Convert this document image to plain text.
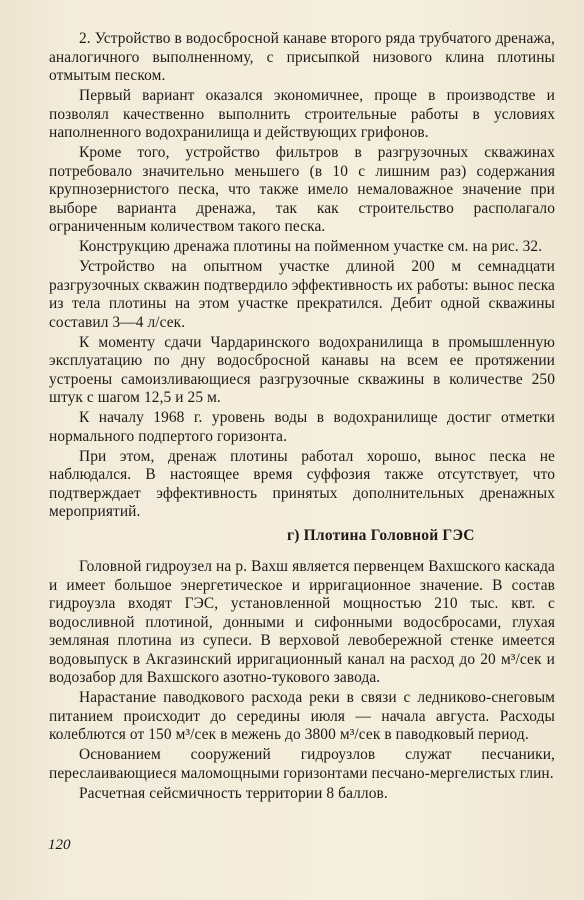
2. Устройство в водосбросной канаве второго ряда трубчатого дренажа, аналогичного выполненному, с присыпкой низового клина плотины отмытым песком.

Первый вариант оказался экономичнее, проще в производстве и позволял качественно выполнить строительные работы в условиях наполненного водохранилища и действующих грифонов.

Кроме того, устройство фильтров в разгрузочных скважинах потребовало значительно меньшего (в 10 с лишним раз) содержания крупнозернистого песка, что также имело немаловажное значение при выборе варианта дренажа, так как строительство располагало ограниченным количеством такого песка.

Конструкцию дренажа плотины на пойменном участке см. на рис. 32.

Устройство на опытном участке длиной 200 м семнадцати разгрузочных скважин подтвердило эффективность их работы: вынос песка из тела плотины на этом участке прекратился. Дебит одной скважины составил 3—4 л/сек.

К моменту сдачи Чардаринского водохранилища в промышленную эксплуатацию по дну водосбросной канавы на всем ее протяжении устроены самоизливающиеся разгрузочные скважины в количестве 250 штук с шагом 12,5 и 25 м.

К началу 1968 г. уровень воды в водохранилище достиг отметки нормального подпертого горизонта.

При этом, дренаж плотины работал хорошо, вынос песка не наблюдался. В настоящее время суффозия также отсутствует, что подтверждает эффективность принятых дополнительных дренажных мероприятий.

г) Плотина Головной ГЭС

Головной гидроузел на р. Вахш является первенцем Вахшского каскада и имеет большое энергетическое и ирригационное значение. В состав гидроузла входят ГЭС, установленной мощностью 210 тыс. квт. с водосливной плотиной, донными и сифонными водосбросами, глухая земляная плотина из супеси. В верховой левобережной стенке имеется водовыпуск в Акгазинский ирригационный канал на расход до 20 м³/сек и водозабор для Вахшского азотно-тукового завода.

Нарастание паводкового расхода реки в связи с ледниково-снеговым питанием происходит до середины июля — начала августа. Расходы колеблются от 150 м³/сек в межень до 3800 м³/сек в паводковый период.

Основанием сооружений гидроузлов служат песчаники, переслаивающиеся маломощными горизонтами песчано-мергелистых глин.

Расчетная сейсмичность территории 8 баллов.

120
